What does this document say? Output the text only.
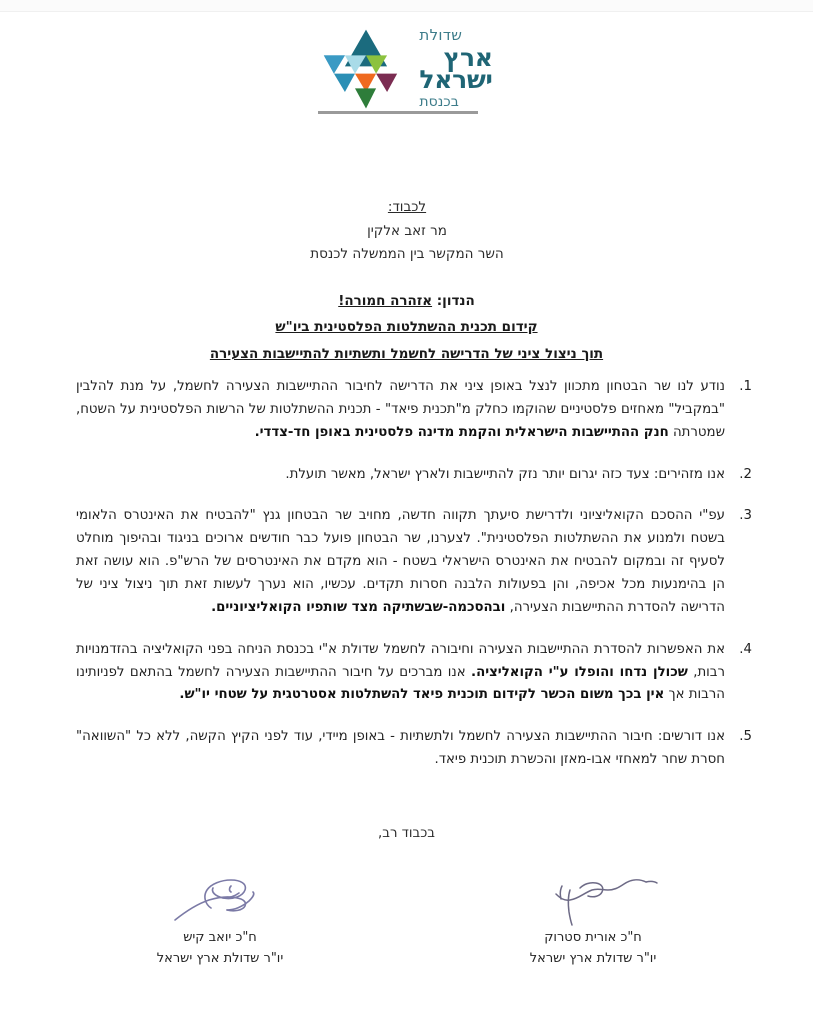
שדולת
ארץ
ישראל
בכנסת
לכבוד:
מר זאב אלקין
השר המקשר בין הממשלה לכנסת
הנדון: אזהרה חמורה!
קידום תכנית ההשתלטות הפלסטינית ביו"ש
תוך ניצול ציני של הדרישה לחשמל ותשתיות להתיישבות הצעירה
1. נודע לנו שר הבטחון מתכוון לנצל באופן ציני את הדרישה לחיבור ההתיישבות הצעירה לחשמל, על מנת להלבין "במקביל" מאחזים פלסטיניים שהוקמו כחלק מ"תכנית פיאד" - תכנית ההשתלטות של הרשות הפלסטינית על השטח, שמטרתה חנק ההתיישבות הישראלית והקמת מדינה פלסטינית באופן חד-צדדי.
2. אנו מזהירים: צעד כזה יגרום יותר נזק להתיישבות ולארץ ישראל, מאשר תועלת.
3. עפ"י ההסכם הקואליציוני ולדרישת סיעתך תקווה חדשה, מחויב שר הבטחון גנץ "להבטיח את האינטרס הלאומי בשטח ולמנוע את ההשתלטות הפלסטינית". לצערנו, שר הבטחון פועל כבר חודשים ארוכים בניגוד ובהיפוך מוחלט לסעיף זה ובמקום להבטיח את האינטרס הישראלי בשטח - הוא מקדם את האינטרסים של הרש"פ. הוא עושה זאת הן בהימנעות מכל אכיפה, והן בפעולות הלבנה חסרות תקדים. עכשיו, הוא נערך לעשות זאת תוך ניצול ציני של הדרישה להסדרת ההתיישבות הצעירה, ובהסכמה-שבשתיקה מצד שותפיו הקואליציוניים.
4. את האפשרות להסדרת ההתיישבות הצעירה וחיבורה לחשמל שדולת א"י בכנסת הניחה בפני הקואליציה בהזדמנויות רבות, שכולן נדחו והופלו ע"י הקואליציה. אנו מברכים על חיבור ההתיישבות הצעירה לחשמל בהתאם לפניותינו הרבות אך אין בכך משום הכשר לקידום תוכנית פיאד להשתלטות אסטרטגית על שטחי יו"ש.
5. אנו דורשים: חיבור ההתיישבות הצעירה לחשמל ולתשתיות - באופן מיידי, עוד לפני הקיץ הקשה, ללא כל "השוואה" חסרת שחר למאחזי אבו-מאזן והכשרת תוכנית פיאד.
בכבוד רב,
ח"כ אורית סטרוק
יו"ר שדולת ארץ ישראל
ח"כ יואב קיש
יו"ר שדולת ארץ ישראל
